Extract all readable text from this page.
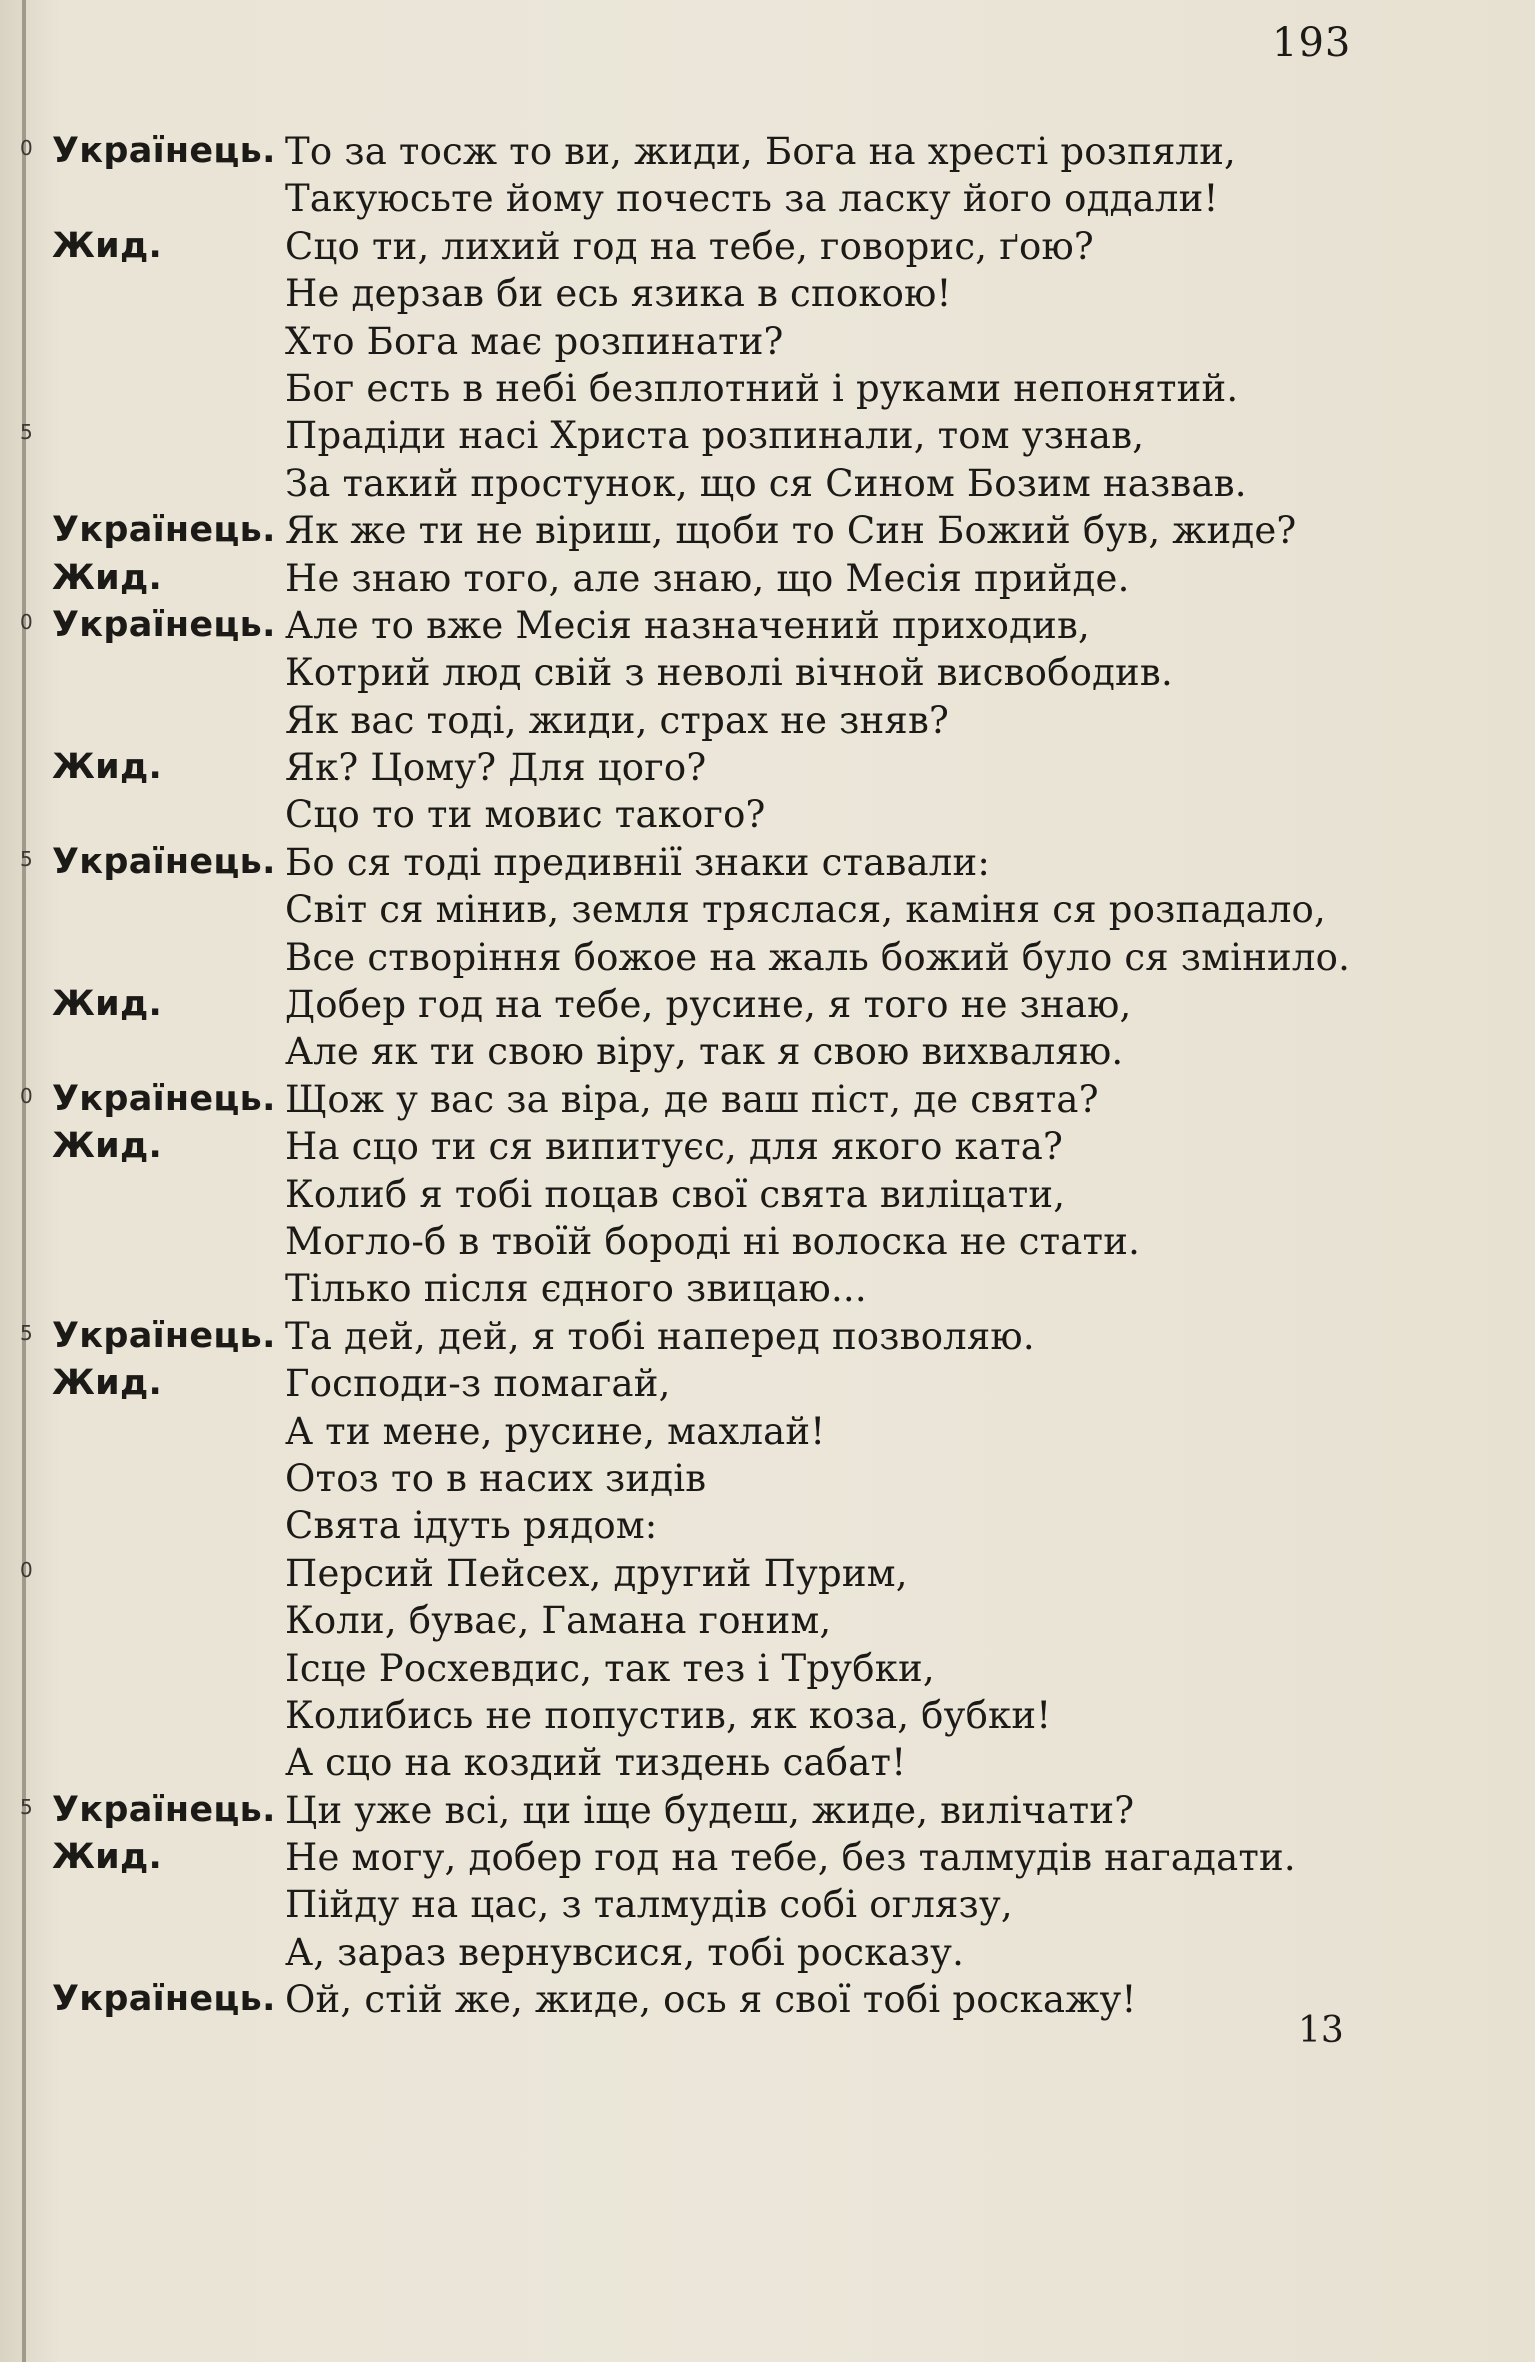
193
0 Українець. То за тосж то ви, жиди, Бога на хресті розпяли,
Такуюсьте йому почесть за ласку його оддали!
Жид.	Сцо ти, лихий год на тебе, говорис, ґою?
Не дерзав би есь язика в спокою!
Хто Бога має розпинати?
Бог есть в небі безплотний і руками непонятий.
5	Прадіди насі Христа розпинали, том узнав,
За такий простунок, що ся Сином Бозим назвав.
Українець. Як же ти не віриш, щоби то Син Божий був, жиде?
Жид.	Не знаю того, але знаю, що Месія прийде.
0 Українець. Але то вже Месія назначений приходив,
Котрий люд свій з неволі вічной висвободив.
Як вас тоді, жиди, страх не зняв?
Жид.	Як? Цому? Для цого?
Сцо то ти мовис такого?
5 Українець. Бо ся тоді предивнії знаки ставали:
Світ ся мінив, земля тряслася, каміня ся розпадало,
Все створіння божое на жаль божий було ся змінило.
Жид.	Добер год на тебе, русине, я того не знаю,
Але як ти свою віру, так я свою вихваляю.
0 Українець. Щож у вас за віра, де ваш піст, де свята?
Жид.	На сцо ти ся випитуєс, для якого ката?
Колиб я тобі поцав свої свята виліцати,
Могло-б в твоїй бороді ні волоска не стати.
Тілько після єдного звицаю...
5 Українець. Та дей, дей, я тобі наперед позволяю.
Жид.	Господи-з помагай,
А ти мене, русине, махлай!
Отоз то в насих зидів
Свята ідуть рядом:
0	Персий Пейсех, другий Пурим,
Коли, буває, Гамана гоним,
Ісце Росхевдис, так тез і Трубки,
Колибись не попустив, як коза, бубки!
А сцо на коздий тиздень сабат!
5 Українець. Ци уже всі, ци іще будеш, жиде, вилічати?
Жид.	Не могу, добер год на тебе, без талмудів нагадати.
Пійду на цас, з талмудів собі оглязу,
А, зараз вернувсися, тобі росказу.
Українець. Ой, стій же, жиде, ось я свої тобі роскажу!
13
